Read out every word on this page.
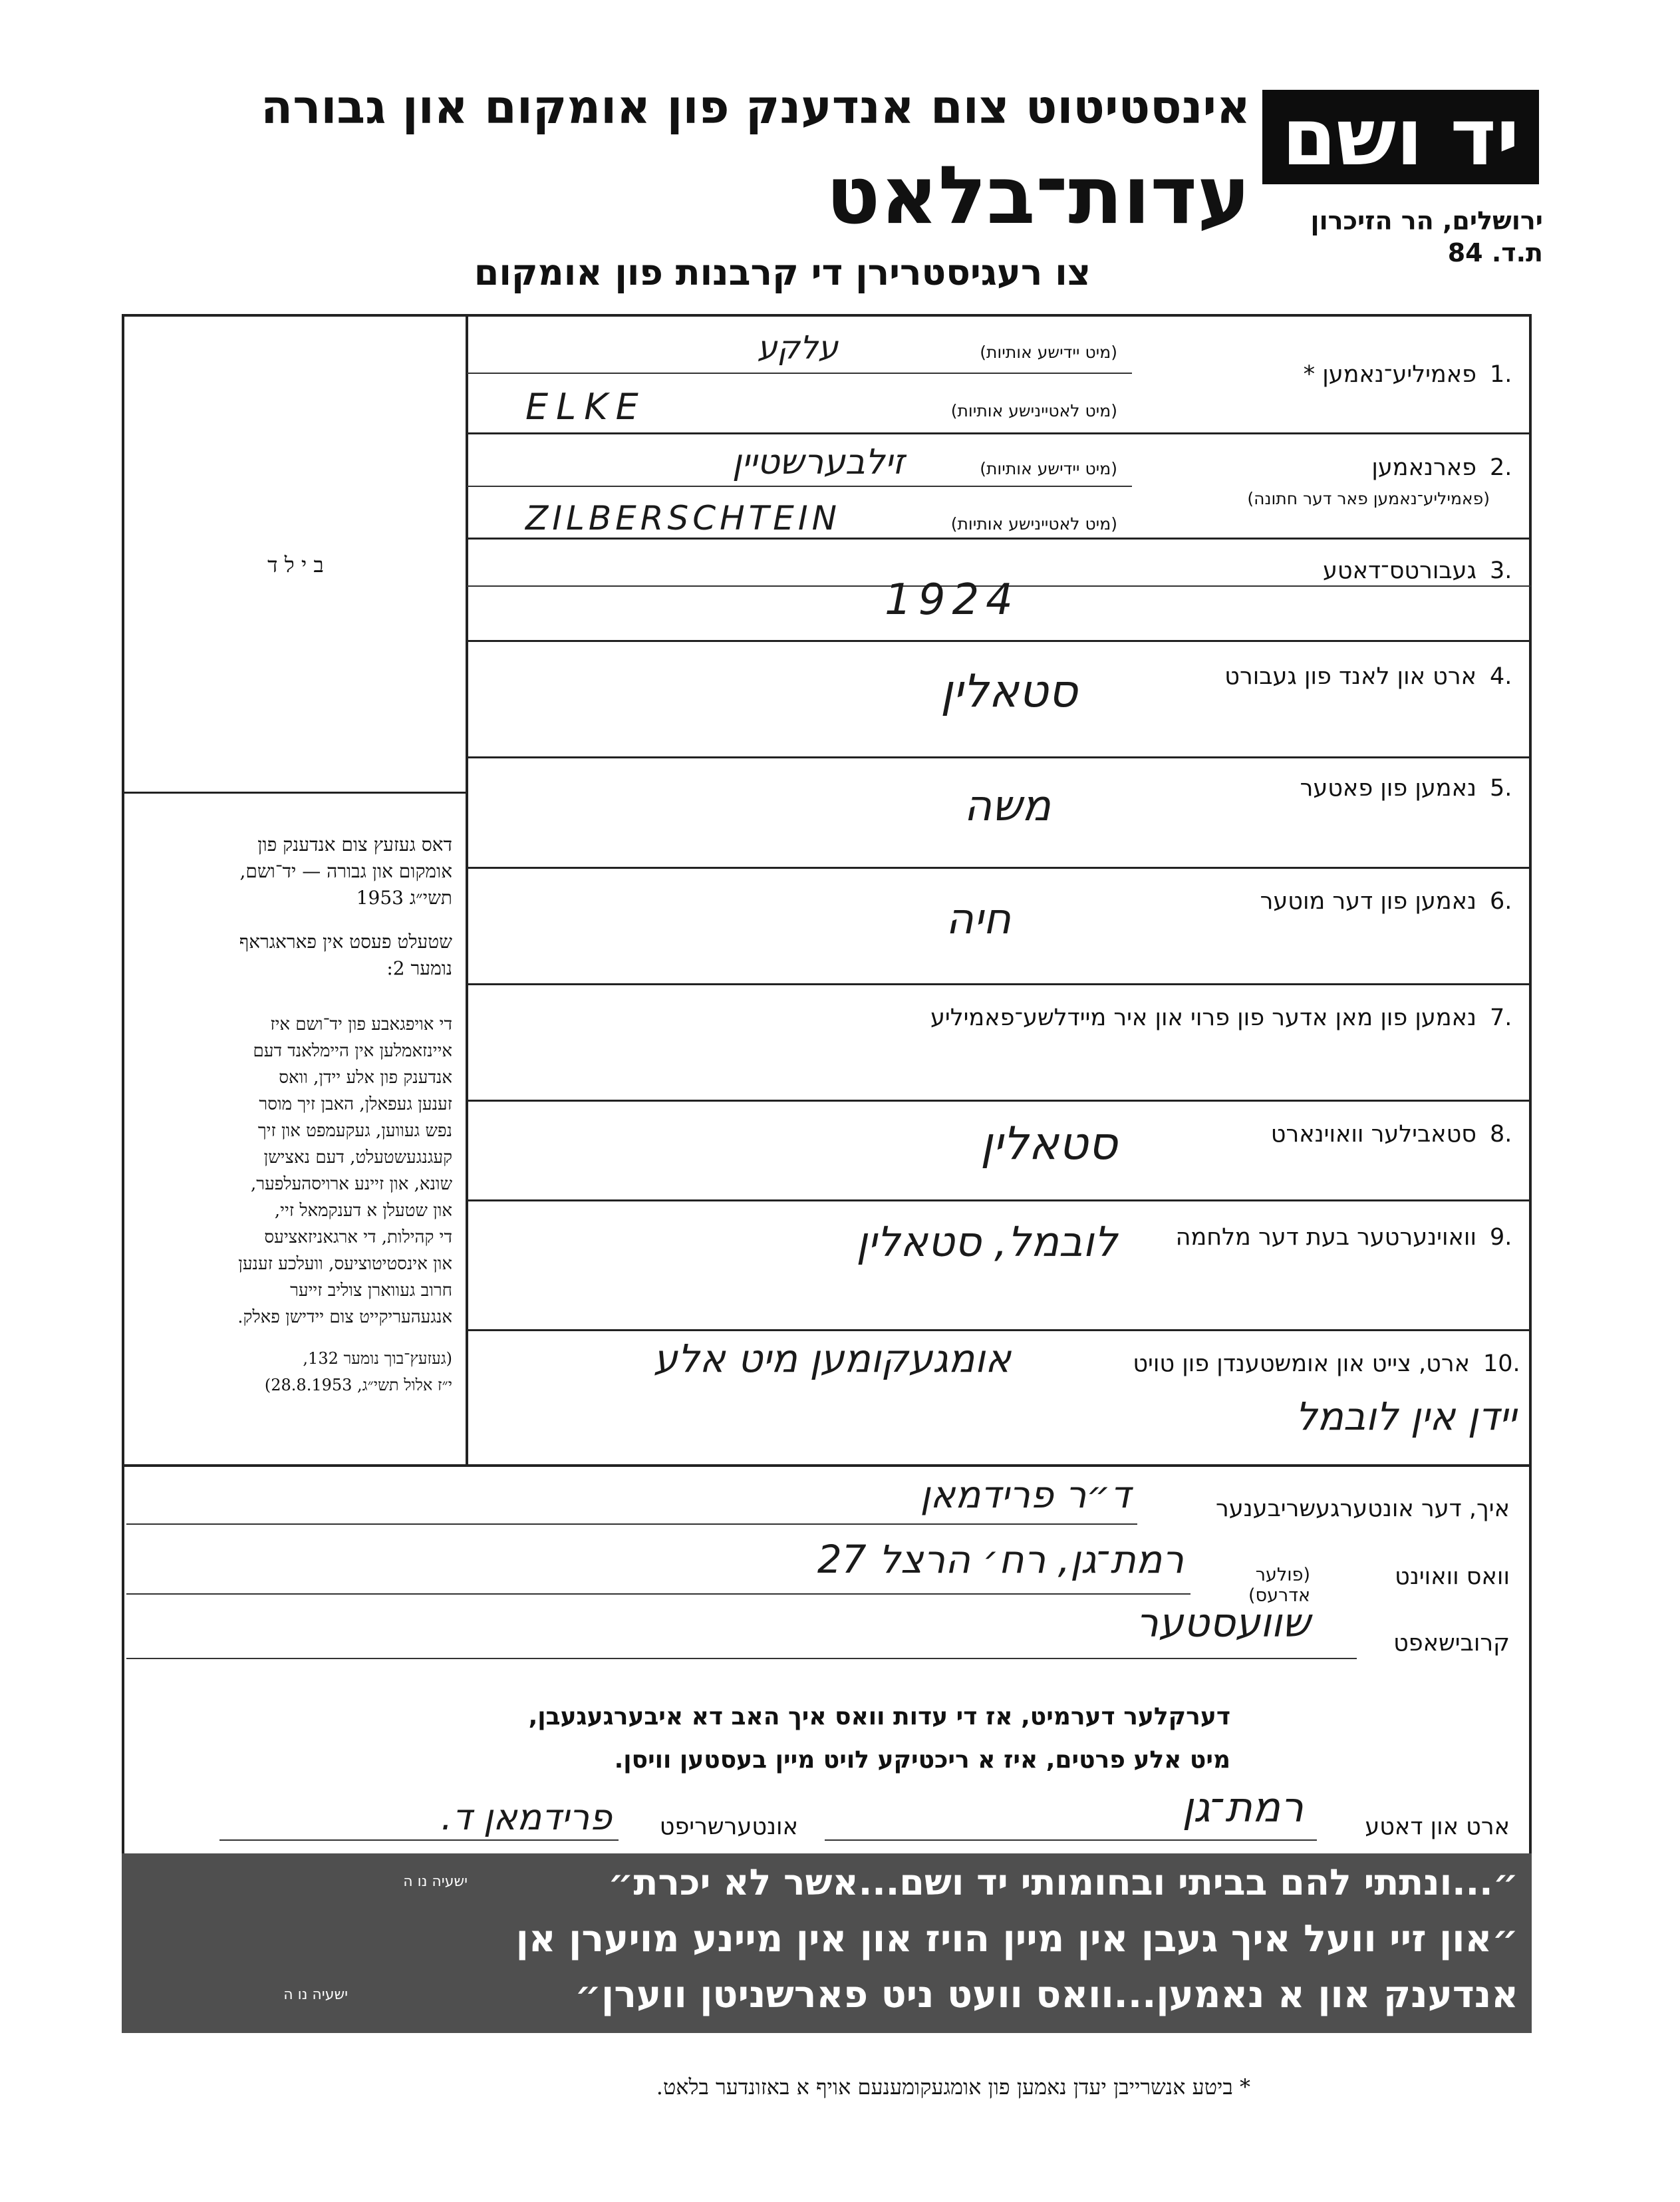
יד ושם
אינסטיטוט צום אנדענק פון אומקום און גבורה
עדות־בלאט	ירושלים, הר הזיכרון
ת.ד. 84
צו רעגיסטרירן די קרבנות פון אומקום
ב י ל ד
דאס געזעץ צום אנדענק פון
אומקום און גבורה — יד־ושם,
תשי״ג 1953
שטעלט פעסט אין פאראגראף
נומער 2:
די אויפגאבע פון יד־ושם איז
איינזאמלען אין היימלאנד דעם
אנדענק פון אלע יידן, וואס
זענען געפאלן, האבן זיך מוסר
נפש געווען, געקעמפט און זיך
קעגנגעשטעלט, דעם נאצישן
שונא, און זיינע ארויסהעלפער,
און שטעלן א דענקמאל זיי,
די קהילות, די ארגאניזאציעס
און אינסטיטוציעס, וועלכע זענען
חרוב געווארן צוליב זייער
אנגעהעריקייט צום יידישן פאלק.
(געזעץ־בוך נומער 132,
י״ז אלול תשי״ג, 28.8.1953)
1.
פאמיליע־נאמען *
(מיט יידישע אותיות)
(מיט לאטיינישע אותיות)
עלקע
ELKE
2.
פארנאמען
(פאמיליע־נאמען פאר דער חתונה)
(מיט יידישע אותיות)
(מיט לאטיינישע אותיות)
זילבערשטיין
ZILBERSCHTEIN
3.
געבורטס־דאטע
1924
4.
ארט און לאנד פון געבורט
סטאלין
5.
נאמען פון פאטער
משה
6.
נאמען פון דער מוטער
חיה
7.
נאמען פון מאן אדער פון פרוי און איר מיידלשע־פאמיליע
8.
סטאבילער וואוינארט
סטאלין
9.
וואוינערטער בעת דער מלחמה
לובמל, סטאלין
10.
ארט, צייט און אומשטענדן פון טויט
אומגעקומען מיט אלע
יידן אין לובמל
איך, דער אונטערגעשריבענער
ד״ר פרידמאן
וואס וואוינט
(פולער אדרעס)
רמת־גן, רח׳ הרצל 27
קרובישאפט
שוועסטער
דערקלער דערמיט, אז די עדות וואס איך האב דא איבערגעגעבן,
מיט אלע פרטים, איז א ריכטיקע לויט מיין בעסטען וויסן.
ארט און דאטע
רמת־גן
אונטערשריפט
פרידמאן ד.
״...ונתתי להם בביתי ובחומותי יד ושם...אשר לא יכרת״
ישעיה נו ה
״און זיי וועל איך געבן אין מיין הויז און אין מיינע מויערן אן
אנדענק און א נאמען...וואס וועט ניט פארשניטן ווערן״
ישעיה נו ה
* ביטע אנשרייבן יעדן נאמען פון אומגעקומענעם אויף א באזונדער בלאט.
